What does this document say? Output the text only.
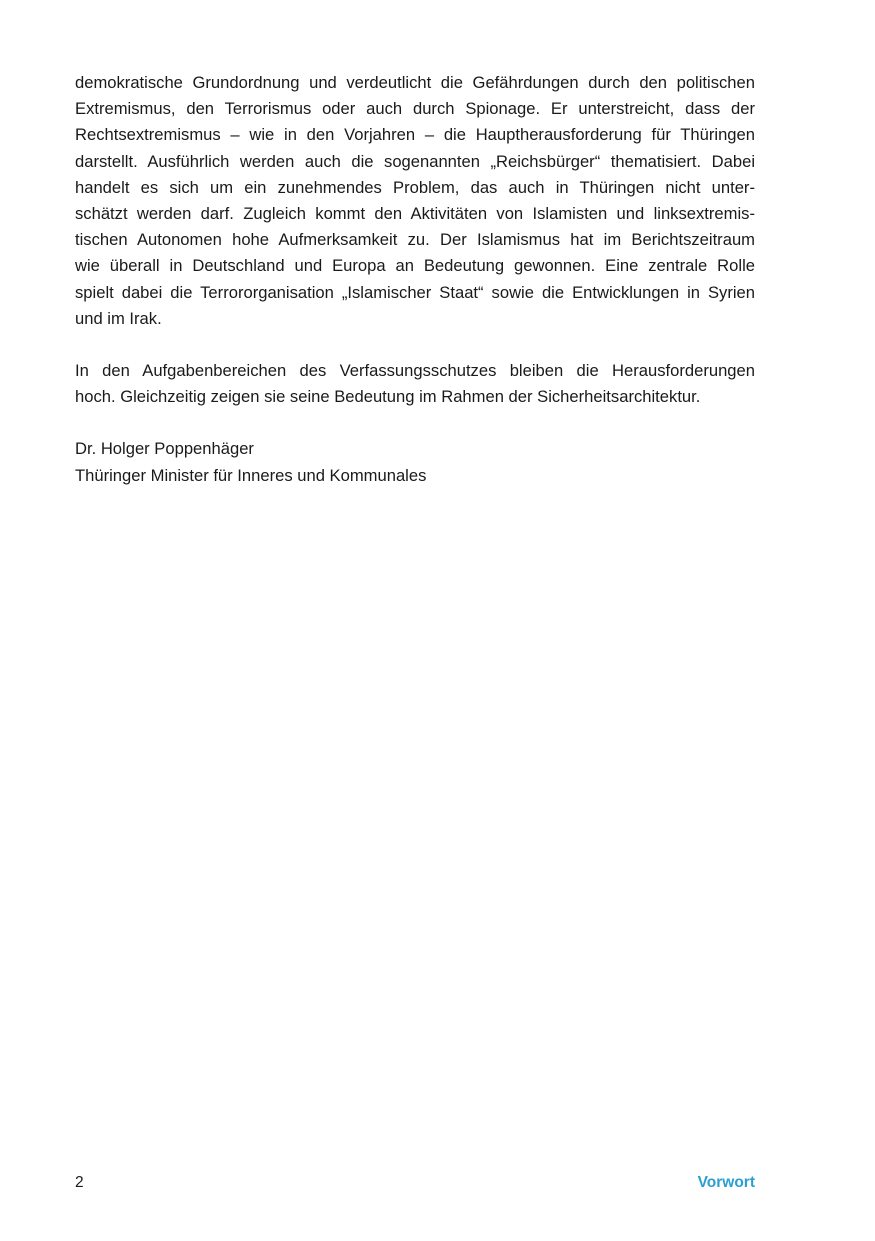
demokratische Grundordnung und verdeutlicht die Gefährdungen durch den politischen
Extremismus, den Terrorismus oder auch durch Spionage. Er unterstreicht, dass der
Rechtsextremismus – wie in den Vorjahren – die Hauptherausforderung für Thüringen
darstellt. Ausführlich werden auch die sogenannten „Reichsbürger“ thematisiert. Dabei
handelt es sich um ein zunehmendes Problem, das auch in Thüringen nicht unter-
schätzt werden darf. Zugleich kommt den Aktivitäten von Islamisten und linksextremis-
tischen Autonomen hohe Aufmerksamkeit zu. Der Islamismus hat im Berichtszeitraum
wie überall in Deutschland und Europa an Bedeutung gewonnen. Eine zentrale Rolle
spielt dabei die Terrororganisation „Islamischer Staat“ sowie die Entwicklungen in Syrien
und im Irak.
In den Aufgabenbereichen des Verfassungsschutzes bleiben die Herausforderungen
hoch. Gleichzeitig zeigen sie seine Bedeutung im Rahmen der Sicherheitsarchitektur.
Dr. Holger Poppenhäger
Thüringer Minister für Inneres und Kommunales
2	Vorwort
